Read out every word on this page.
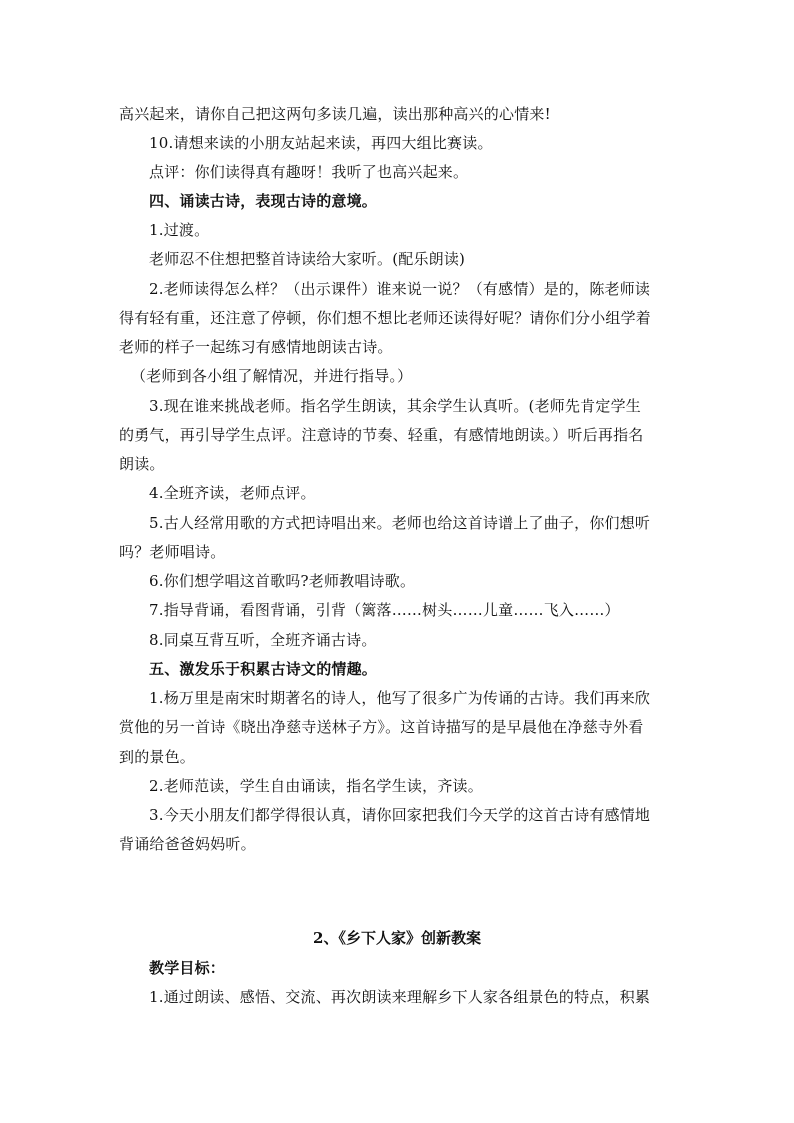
高兴起来，请你自己把这两句多读几遍，读出那种高兴的心情来!
10.请想来读的小朋友站起来读，再四大组比赛读。
点评：你们读得真有趣呀！我听了也高兴起来。
四、诵读古诗，表现古诗的意境。
1.过渡。
老师忍不住想把整首诗读给大家听。(配乐朗读)
2.老师读得怎么样？（出示课件）谁来说一说？（有感情）是的，陈老师读
得有轻有重，还注意了停顿，你们想不想比老师还读得好呢？请你们分小组学着
老师的样子一起练习有感情地朗读古诗。
（老师到各小组了解情况，并进行指导。）
3.现在谁来挑战老师。指名学生朗读，其余学生认真听。(老师先肯定学生
的勇气，再引导学生点评。注意诗的节奏、轻重，有感情地朗读。）听后再指名
朗读。
4.全班齐读，老师点评。
5.古人经常用歌的方式把诗唱出来。老师也给这首诗谱上了曲子，你们想听
吗？老师唱诗。
6.你们想学唱这首歌吗?老师教唱诗歌。
7.指导背诵，看图背诵，引背（篱落……树头……儿童……飞入……）
8.同桌互背互听，全班齐诵古诗。
五、激发乐于积累古诗文的情趣。
1.杨万里是南宋时期著名的诗人，他写了很多广为传诵的古诗。我们再来欣
赏他的另一首诗《晓出净慈寺送林子方》。这首诗描写的是早晨他在净慈寺外看
到的景色。
2.老师范读，学生自由诵读，指名学生读，齐读。
3.今天小朋友们都学得很认真，请你回家把我们今天学的这首古诗有感情地
背诵给爸爸妈妈听。
2、《乡下人家》创新教案
教学目标：
1.通过朗读、感悟、交流、再次朗读来理解乡下人家各组景色的特点，积累
